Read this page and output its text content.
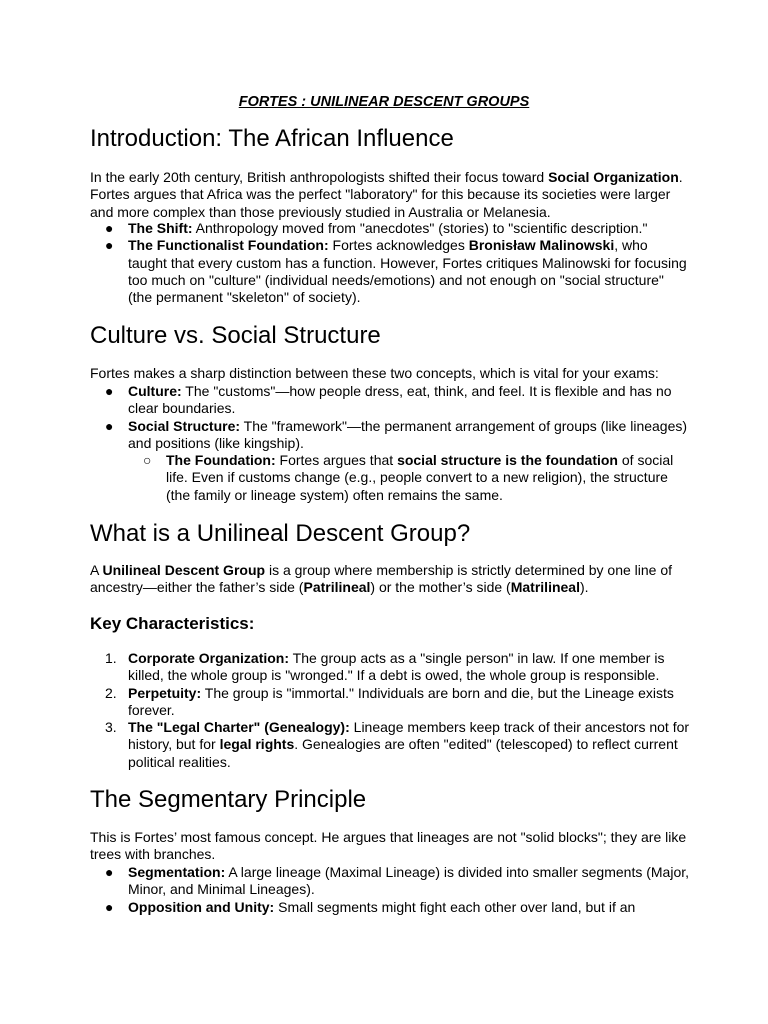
FORTES : UNILINEAR DESCENT GROUPS
Introduction: The African Influence

In the early 20th century, British anthropologists shifted their focus toward Social Organization. Fortes argues that Africa was the perfect "laboratory" for this because its societies were larger and more complex than those previously studied in Australia or Melanesia.

●	The Shift: Anthropology moved from "anecdotes" (stories) to "scientific description."
●	The Functionalist Foundation: Fortes acknowledges Bronisław Malinowski, who taught that every custom has a function. However, Fortes critiques Malinowski for focusing too much on "culture" (individual needs/emotions) and not enough on "social structure" (the permanent "skeleton" of society).
Culture vs. Social Structure

Fortes makes a sharp distinction between these two concepts, which is vital for your exams:

●	Culture: The "customs"—how people dress, eat, think, and feel. It is flexible and has no clear boundaries.
●	Social Structure: The "framework"—the permanent arrangement of groups (like lineages) and positions (like kingship).
○	The Foundation: Fortes argues that social structure is the foundation of social life. Even if customs change (e.g., people convert to a new religion), the structure (the family or lineage system) often remains the same.
What is a Unilineal Descent Group?

A Unilineal Descent Group is a group where membership is strictly determined by one line of ancestry—either the father’s side (Patrilineal) or the mother’s side (Matrilineal).

Key Characteristics:
1. Corporate Organization: The group acts as a "single person" in law. If one member is killed, the whole group is "wronged." If a debt is owed, the whole group is responsible.
2. Perpetuity: The group is "immortal." Individuals are born and die, but the Lineage exists forever.
3. The "Legal Charter" (Genealogy): Lineage members keep track of their ancestors not for history, but for legal rights. Genealogies are often "edited" (telescoped) to reflect current political realities.
The Segmentary Principle

This is Fortes’ most famous concept. He argues that lineages are not "solid blocks"; they are like trees with branches.

●	Segmentation: A large lineage (Maximal Lineage) is divided into smaller segments (Major, Minor, and Minimal Lineages).
●	Opposition and Unity: Small segments might fight each other over land, but if an
